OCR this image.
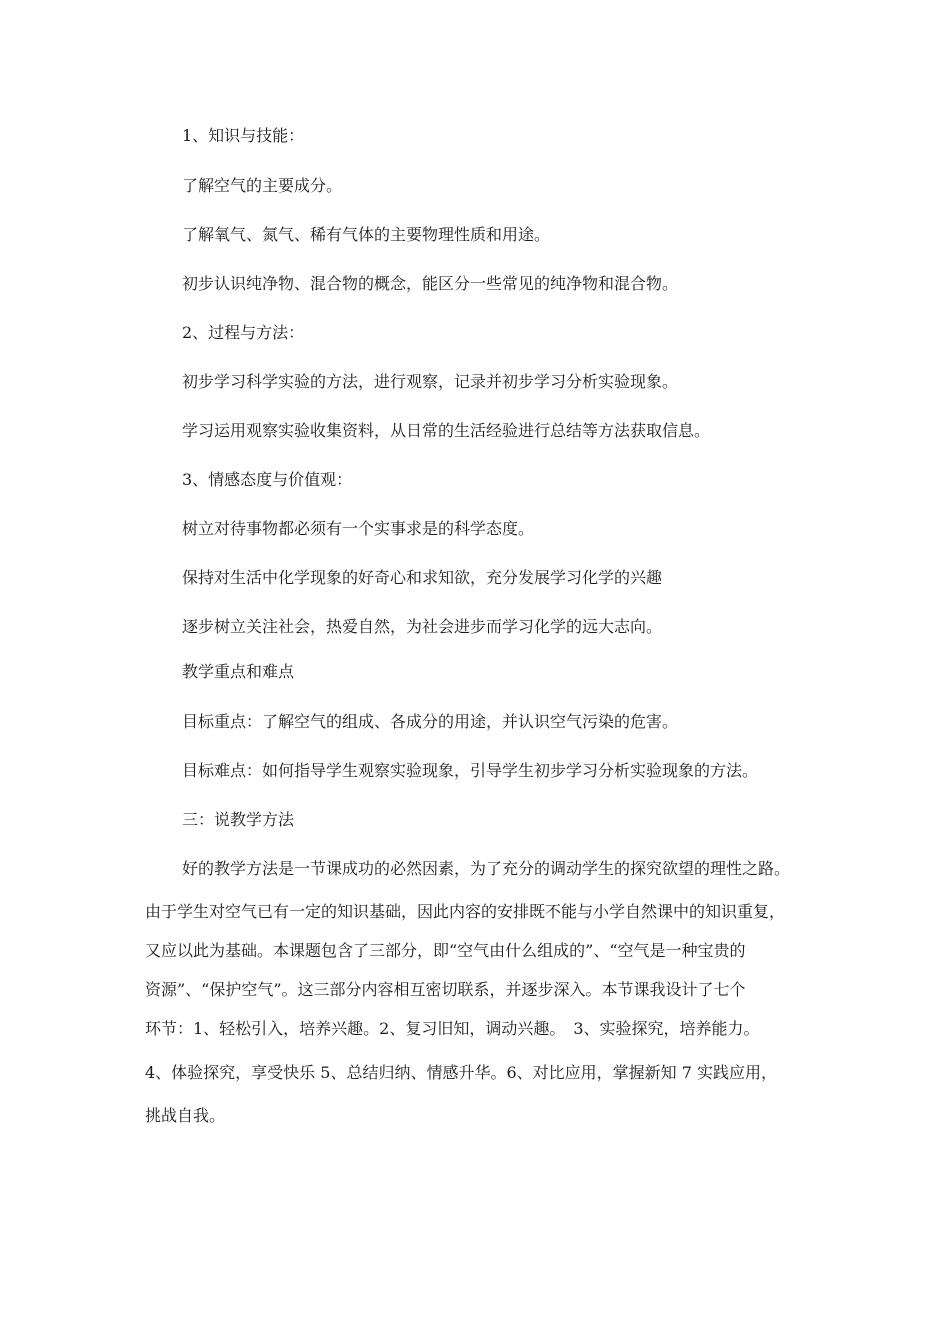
1、知识与技能：
了解空气的主要成分。
了解氧气、氮气、稀有气体的主要物理性质和用途。
初步认识纯净物、混合物的概念，能区分一些常见的纯净物和混合物。
2、过程与方法：
初步学习科学实验的方法，进行观察，记录并初步学习分析实验现象。
学习运用观察实验收集资料，从日常的生活经验进行总结等方法获取信息。
3、情感态度与价值观：
树立对待事物都必须有一个实事求是的科学态度。
保持对生活中化学现象的好奇心和求知欲，充分发展学习化学的兴趣
逐步树立关注社会，热爱自然，为社会进步而学习化学的远大志向。
教学重点和难点
目标重点：了解空气的组成、各成分的用途，并认识空气污染的危害。
目标难点：如何指导学生观察实验现象，引导学生初步学习分析实验现象的方法。
三：说教学方法
好的教学方法是一节课成功的必然因素，为了充分的调动学生的探究欲望的理性之路。
由于学生对空气已有一定的知识基础，因此内容的安排既不能与小学自然课中的知识重复，
又应以此为基础。本课题包含了三部分，即“空气由什么组成的”、“空气是一种宝贵的
资源”、“保护空气”。这三部分内容相互密切联系，并逐步深入。本节课我设计了七个
环节：1、轻松引入，培养兴趣。2、复习旧知，调动兴趣。　3、实验探究，培养能力。
4、体验探究，享受快乐 5、总结归纳、情感升华。6、对比应用，掌握新知 7 实践应用，
挑战自我。
